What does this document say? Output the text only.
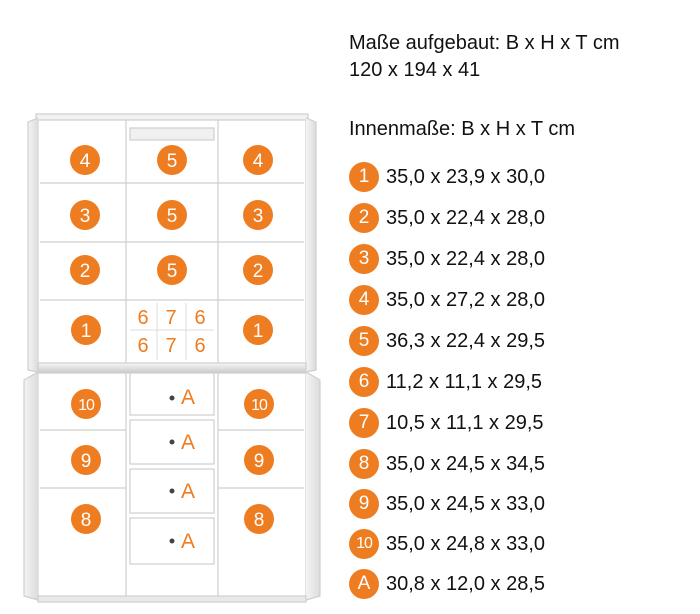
4	5	4
3	5	3
2	5	2
1	1
6 7 6
6 7 6
10	10
9	9
8	8
A
A
A
A
Maße aufgebaut: B x H x T cm
120 x 194 x 41
Innenmaße: B x H x T cm
1 35,0 x 23,9 x 30,0
2 35,0 x 22,4 x 28,0
3 35,0 x 22,4 x 28,0
4 35,0 x 27,2 x 28,0
5 36,3 x 22,4 x 29,5
6 11,2 x 11,1 x 29,5
7 10,5 x 11,1 x 29,5
8 35,0 x 24,5 x 34,5
9 35,0 x 24,5 x 33,0
10 35,0 x 24,8 x 33,0
A 30,8 x 12,0 x 28,5
